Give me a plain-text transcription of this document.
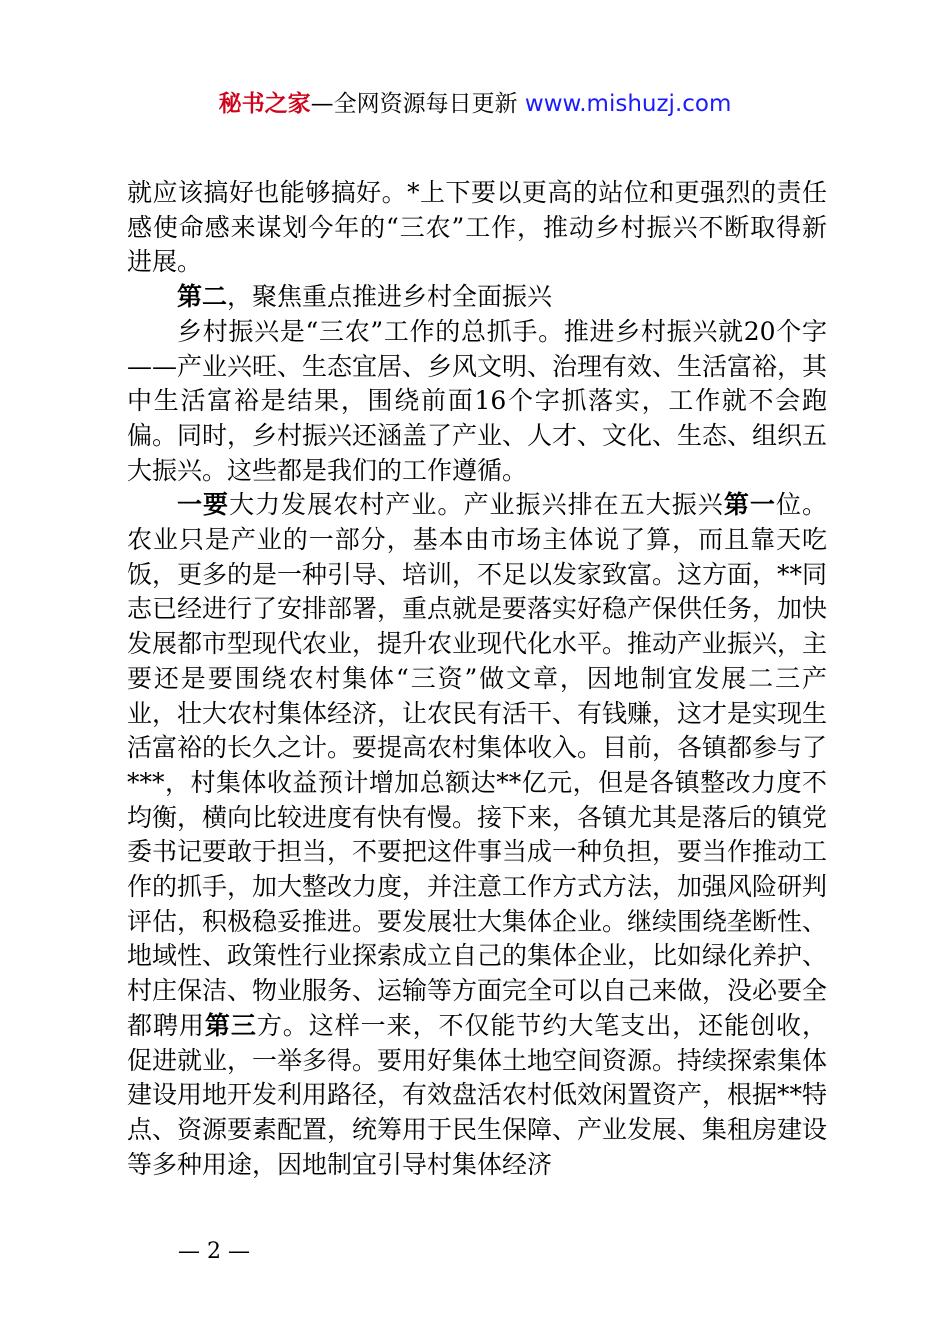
秘书之家—全网资源每日更新 www.mishuzj.com

就应该搞好也能够搞好。*上下要以更高的站位和更强烈的责任感使命感来谋划今年的“三农”工作，推动乡村振兴不断取得新进展。

第二，聚焦重点推进乡村全面振兴

乡村振兴是“三农”工作的总抓手。推进乡村振兴就20个字——产业兴旺、生态宜居、乡风文明、治理有效、生活富裕，其中生活富裕是结果，围绕前面16个字抓落实，工作就不会跑偏。同时，乡村振兴还涵盖了产业、人才、文化、生态、组织五大振兴。这些都是我们的工作遵循。

一要大力发展农村产业。产业振兴排在五大振兴第一位。农业只是产业的一部分，基本由市场主体说了算，而且靠天吃饭，更多的是一种引导、培训，不足以发家致富。这方面，**同志已经进行了安排部署，重点就是要落实好稳产保供任务，加快发展都市型现代农业，提升农业现代化水平。推动产业振兴，主要还是要围绕农村集体“三资”做文章，因地制宜发展二三产业，壮大农村集体经济，让农民有活干、有钱赚，这才是实现生活富裕的长久之计。要提高农村集体收入。目前，各镇都参与了***，村集体收益预计增加总额达**亿元，但是各镇整改力度不均衡，横向比较进度有快有慢。接下来，各镇尤其是落后的镇党委书记要敢于担当，不要把这件事当成一种负担，要当作推动工作的抓手，加大整改力度，并注意工作方式方法，加强风险研判评估，积极稳妥推进。要发展壮大集体企业。继续围绕垄断性、地域性、政策性行业探索成立自己的集体企业，比如绿化养护、村庄保洁、物业服务、运输等方面完全可以自己来做，没必要全都聘用第三方。这样一来，不仅能节约大笔支出，还能创收，促进就业，一举多得。要用好集体土地空间资源。持续探索集体建设用地开发利用路径，有效盘活农村低效闲置资产，根据**特点、资源要素配置，统筹用于民生保障、产业发展、集租房建设等多种用途，因地制宜引导村集体经济

— 2 —
